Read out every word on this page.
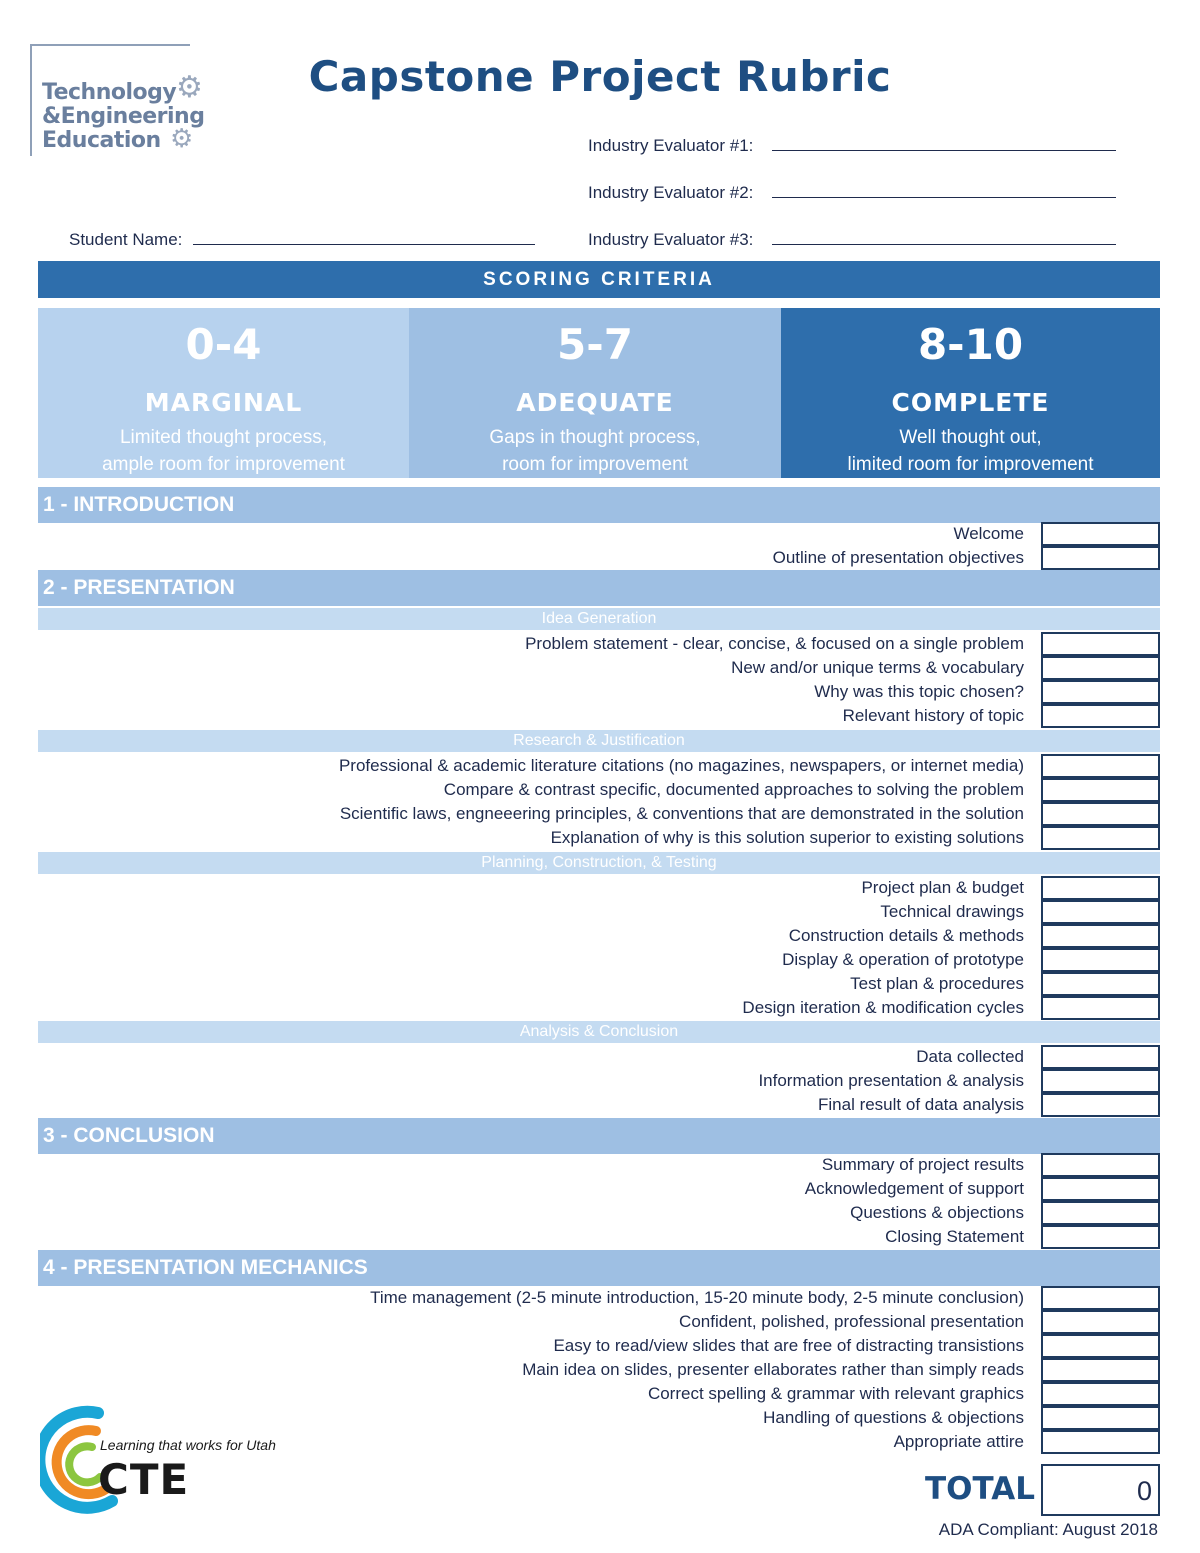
Technology
&Engineering
Education
⚙
⚙
Capstone Project Rubric
Industry Evaluator #1:
Industry Evaluator #2:
Student Name:	Industry Evaluator #3:
SCORING CRITERIA
0-4
MARGINAL
Limited thought process,
ample room for improvement
5-7
ADEQUATE
Gaps in thought process,
room for improvement
8-10
COMPLETE
Well thought out,
limited room for improvement
1 - INTRODUCTION
Welcome
Outline of presentation objectives
2 - PRESENTATION
Idea Generation
Problem statement - clear, concise, & focused on a single problem
New and/or unique terms & vocabulary
Why was this topic chosen?
Relevant history of topic
Research & Justification
Professional & academic literature citations (no magazines, newspapers, or internet media)
Compare & contrast specific, documented approaches to solving the problem
Scientific laws, engneeering principles, & conventions that are demonstrated in the solution
Explanation of why is this solution superior to existing solutions
Planning, Construction, & Testing
Project plan & budget
Technical drawings
Construction details & methods
Display & operation of prototype
Test plan & procedures
Design iteration & modification cycles
Analysis & Conclusion
Data collected
Information presentation & analysis
Final result of data analysis
3 - CONCLUSION
Summary of project results
Acknowledgement of support
Questions & objections
Closing Statement
4 - PRESENTATION MECHANICS
Time management (2-5 minute introduction, 15-20 minute body, 2-5 minute conclusion)
Confident, polished, professional presentation
Easy to read/view slides that are free of distracting transistions
Main idea on slides, presenter ellaborates rather than simply reads
Correct spelling & grammar with relevant graphics
Handling of questions & objections
Appropriate attire
Learning that works for Utah
CTE	TOTAL	0
ADA Compliant: August 2018
